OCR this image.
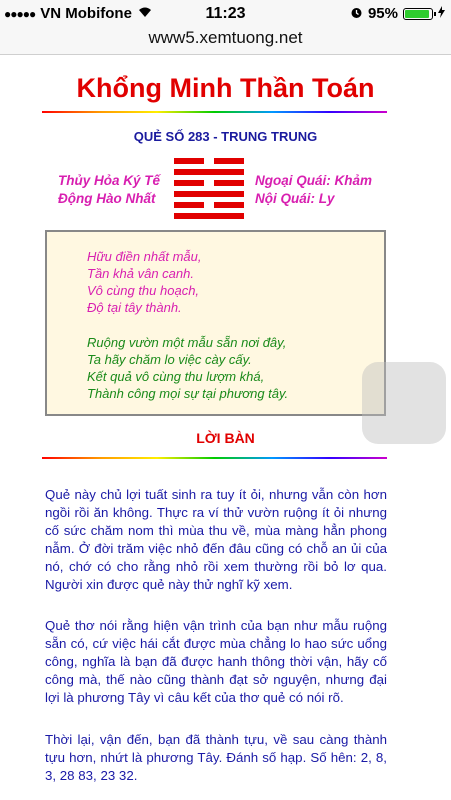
●●●●● VN Mobifone	11:23	95%
www5.xemtuong.net
Khổng Minh Thần Toán
QUẺ SỐ 283 - TRUNG TRUNG
Thủy Hỏa Ký Tế
Động Hào Nhất
Ngoại Quái: Khảm
Nội Quái: Ly
Hữu điền nhất mẫu,
Tần khả vân canh.
Vô cùng thu hoạch,
Độ tại tây thành.
Ruộng vườn một mẫu sẵn nơi đây,
Ta hãy chăm lo việc cày cấy.
Kết quả vô cùng thu lượm khá,
Thành công mọi sự tại phương tây.
LỜI BÀN
Quẻ này chủ lợi tuất sinh ra tuy ít ỏi, nhưng vẫn còn hơn ngồi rồi ăn không. Thực ra ví thử vườn ruộng ít ỏi nhưng cố sức chăm nom thì mùa thu về, mùa màng hẳn phong nẫm. Ở đời trăm việc nhỏ đến đâu cũng có chỗ an ủi của nó, chớ có cho rằng nhỏ rồi xem thường rồi bỏ lơ qua. Người xin được quẻ này thử nghĩ kỹ xem.
Quẻ thơ nói rằng hiện vận trình của bạn như mẫu ruộng sẵn có, cứ việc hái cắt được mùa chẳng lo hao sức uổng công, nghĩa là bạn đã được hanh thông thời vận, hãy cố công mà, thế nào cũng thành đạt sở nguyện, nhưng đại lợi là phương Tây vì câu kết của thơ quẻ có nói rõ.
Thời lại, vận đến, bạn đã thành tựu, về sau càng thành tựu hơn, nhứt là phương Tây. Đánh số hạp. Số hên: 2, 8, 3, 28 83, 23 32.
